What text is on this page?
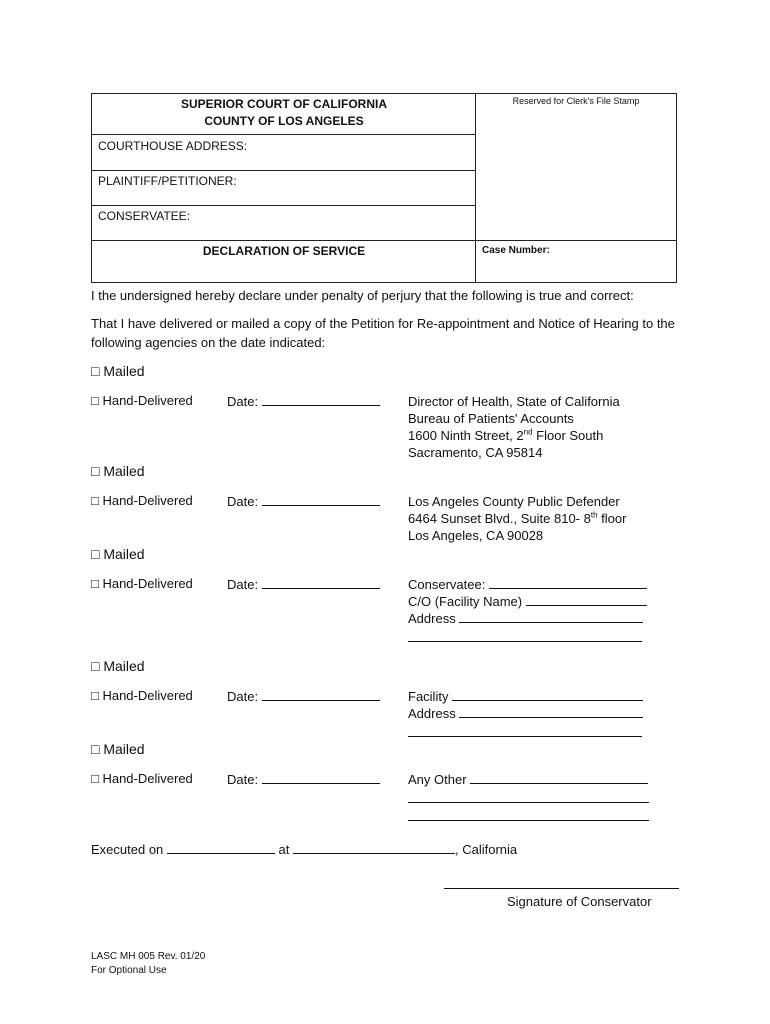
SUPERIOR COURT OF CALIFORNIA
COUNTY OF LOS ANGELES
Reserved for Clerk's File Stamp
COURTHOUSE ADDRESS:
PLAINTIFF/PETITIONER:
CONSERVATEE:
DECLARATION OF SERVICE	Case Number:
I the undersigned hereby declare under penalty of perjury that the following is true and correct:
That I have delivered or mailed a copy of the Petition for Re-appointment and Notice of Hearing to the following agencies on the date indicated:
□ Mailed
□ Hand-Delivered	Date:	Director of Health, State of California
Bureau of Patients' Accounts
1600 Ninth Street, 2nd Floor South
Sacramento, CA 95814
□ Mailed
□ Hand-Delivered	Date:	Los Angeles County Public Defender
6464 Sunset Blvd., Suite 810- 8th floor
Los Angeles, CA 90028
□ Mailed
□ Hand-Delivered	Date:	Conservatee:
C/O (Facility Name)
Address
□ Mailed
□ Hand-Delivered	Date:	Facility
Address
□ Mailed
□ Hand-Delivered	Date:	Any Other
Executed on	at	, California
Signature of Conservator
LASC MH 005 Rev. 01/20
For Optional Use
